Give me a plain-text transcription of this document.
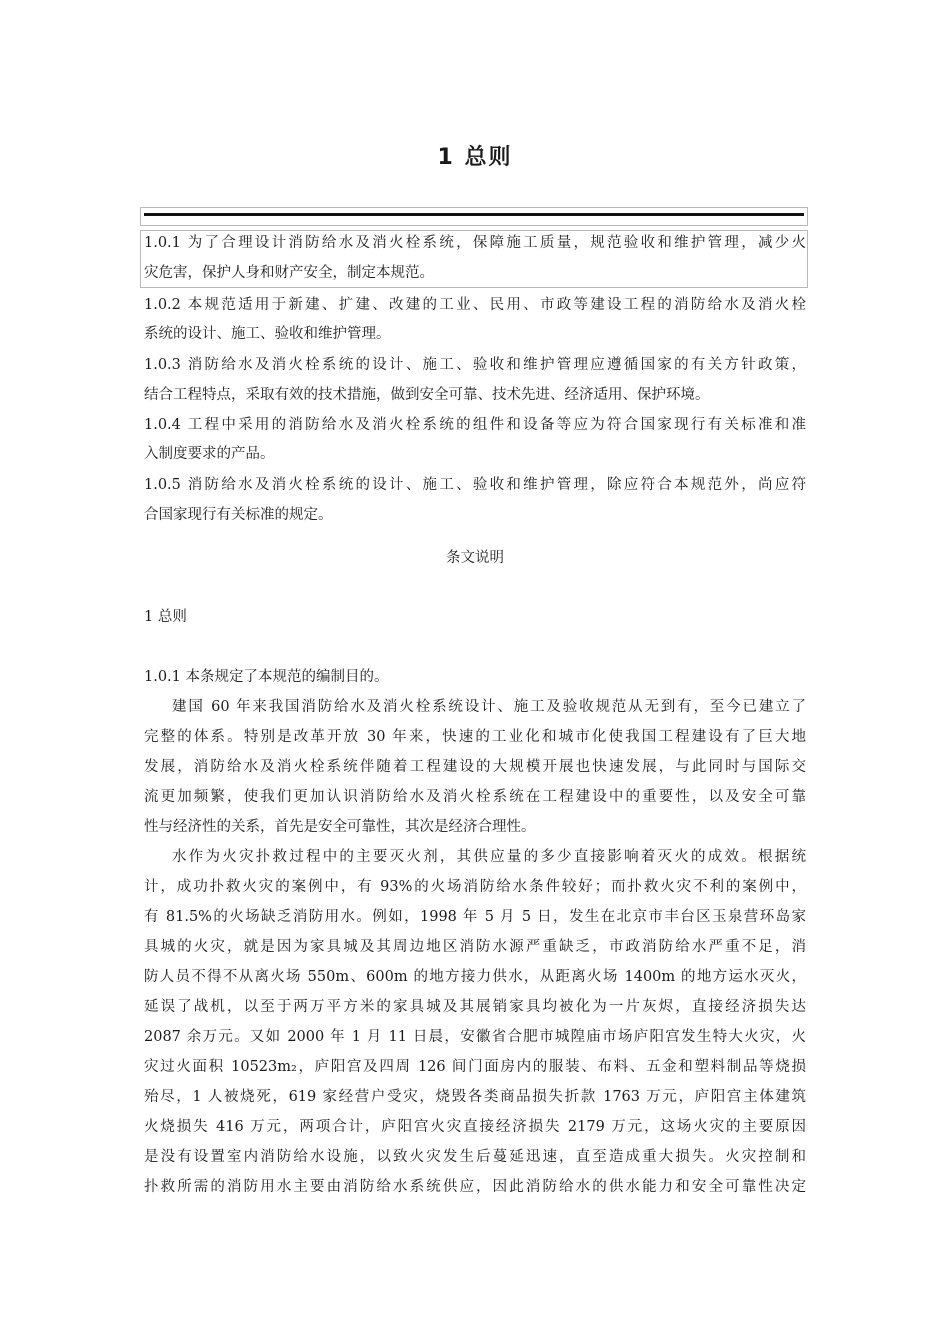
1 总则
1.0.1 为了合理设计消防给水及消火栓系统，保障施工质量，规范验收和维护管理，减少火
灾危害，保护人身和财产安全，制定本规范。
1.0.2 本规范适用于新建、扩建、改建的工业、民用、市政等建设工程的消防给水及消火栓
系统的设计、施工、验收和维护管理。
1.0.3 消防给水及消火栓系统的设计、施工、验收和维护管理应遵循国家的有关方针政策，
结合工程特点，采取有效的技术措施，做到安全可靠、技术先进、经济适用、保护环境。
1.0.4 工程中采用的消防给水及消火栓系统的组件和设备等应为符合国家现行有关标准和准
入制度要求的产品。
1.0.5 消防给水及消火栓系统的设计、施工、验收和维护管理，除应符合本规范外，尚应符
合国家现行有关标准的规定。
条文说明
1 总则
1.0.1 本条规定了本规范的编制目的。
建国 60 年来我国消防给水及消火栓系统设计、施工及验收规范从无到有，至今已建立了
完整的体系。特别是改革开放 30 年来，快速的工业化和城市化使我国工程建设有了巨大地
发展，消防给水及消火栓系统伴随着工程建设的大规模开展也快速发展，与此同时与国际交
流更加频繁，使我们更加认识消防给水及消火栓系统在工程建设中的重要性，以及安全可靠
性与经济性的关系，首先是安全可靠性，其次是经济合理性。
水作为火灾扑救过程中的主要灭火剂，其供应量的多少直接影响着灭火的成效。根据统
计，成功扑救火灾的案例中，有 93%的火场消防给水条件较好；而扑救火灾不利的案例中，
有 81.5%的火场缺乏消防用水。例如，1998 年 5 月 5 日，发生在北京市丰台区玉泉营环岛家
具城的火灾，就是因为家具城及其周边地区消防水源严重缺乏，市政消防给水严重不足，消
防人员不得不从离火场 550m、600m 的地方接力供水，从距离火场 1400m 的地方运水灭火，
延误了战机，以至于两万平方米的家具城及其展销家具均被化为一片灰烬，直接经济损失达
2087 余万元。又如 2000 年 1 月 11 日晨，安徽省合肥市城隍庙市场庐阳宫发生特大火灾，火
灾过火面积 10523m₂，庐阳宫及四周 126 间门面房内的服装、布料、五金和塑料制品等烧损
殆尽，1 人被烧死，619 家经营户受灾，烧毁各类商品损失折款 1763 万元，庐阳宫主体建筑
火烧损失 416 万元，两项合计，庐阳宫火灾直接经济损失 2179 万元，这场火灾的主要原因
是没有设置室内消防给水设施，以致火灾发生后蔓延迅速，直至造成重大损失。火灾控制和
扑救所需的消防用水主要由消防给水系统供应，因此消防给水的供水能力和安全可靠性决定
